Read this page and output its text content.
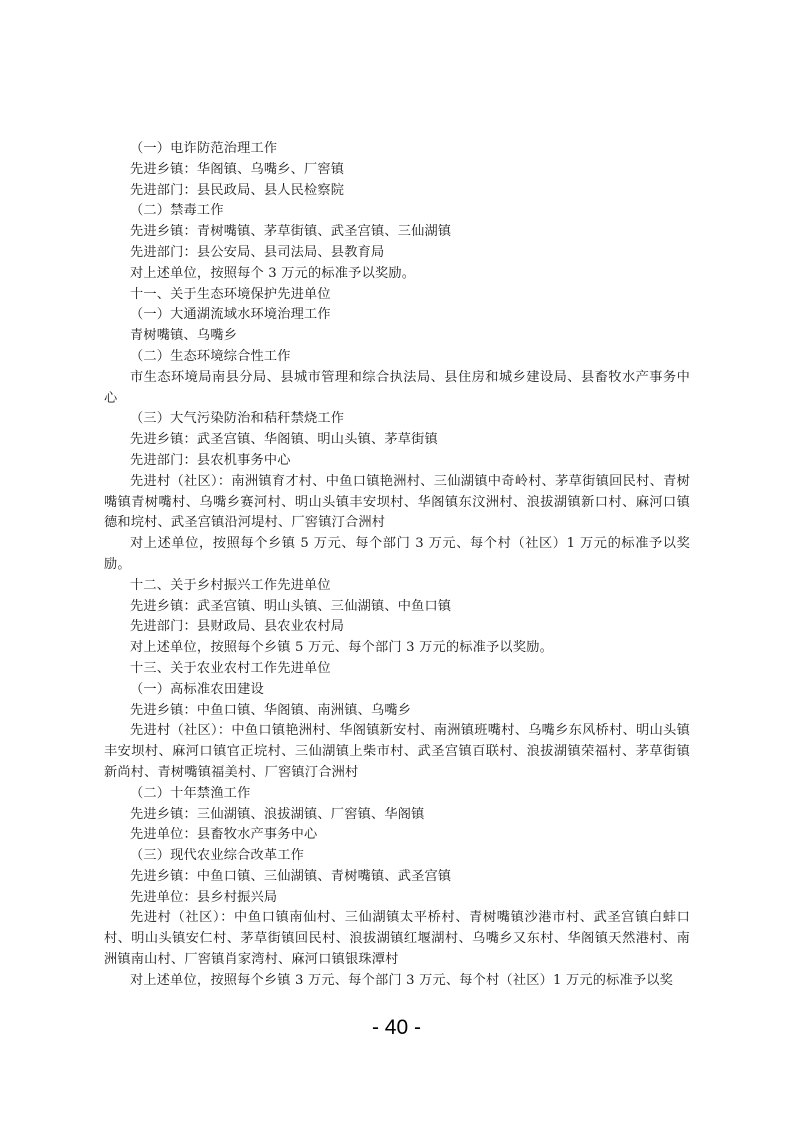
（一）电诈防范治理工作
先进乡镇：华阁镇、乌嘴乡、厂窖镇
先进部门：县民政局、县人民检察院
（二）禁毒工作
先进乡镇：青树嘴镇、茅草街镇、武圣宫镇、三仙湖镇
先进部门：县公安局、县司法局、县教育局
对上述单位，按照每个 3 万元的标准予以奖励。
十一、关于生态环境保护先进单位
（一）大通湖流域水环境治理工作
青树嘴镇、乌嘴乡
（二）生态环境综合性工作
市生态环境局南县分局、县城市管理和综合执法局、县住房和城乡建设局、县畜牧水产事务中心
（三）大气污染防治和秸秆禁烧工作
先进乡镇：武圣宫镇、华阁镇、明山头镇、茅草街镇
先进部门：县农机事务中心
先进村（社区）：南洲镇育才村、中鱼口镇艳洲村、三仙湖镇中奇岭村、茅草街镇回民村、青树嘴镇青树嘴村、乌嘴乡赛河村、明山头镇丰安坝村、华阁镇东汶洲村、浪拔湖镇新口村、麻河口镇德和垸村、武圣宫镇沿河堤村、厂窖镇汀合洲村
对上述单位，按照每个乡镇 5 万元、每个部门 3 万元、每个村（社区）1 万元的标准予以奖励。
十二、关于乡村振兴工作先进单位
先进乡镇：武圣宫镇、明山头镇、三仙湖镇、中鱼口镇
先进部门：县财政局、县农业农村局
对上述单位，按照每个乡镇 5 万元、每个部门 3 万元的标准予以奖励。
十三、关于农业农村工作先进单位
（一）高标准农田建设
先进乡镇：中鱼口镇、华阁镇、南洲镇、乌嘴乡
先进村（社区）：中鱼口镇艳洲村、华阁镇新安村、南洲镇班嘴村、乌嘴乡东风桥村、明山头镇丰安坝村、麻河口镇官正垸村、三仙湖镇上柴市村、武圣宫镇百联村、浪拔湖镇荣福村、茅草街镇新尚村、青树嘴镇福美村、厂窖镇汀合洲村
（二）十年禁渔工作
先进乡镇：三仙湖镇、浪拔湖镇、厂窖镇、华阁镇
先进单位：县畜牧水产事务中心
（三）现代农业综合改革工作
先进乡镇：中鱼口镇、三仙湖镇、青树嘴镇、武圣宫镇
先进单位：县乡村振兴局
先进村（社区）：中鱼口镇南仙村、三仙湖镇太平桥村、青树嘴镇沙港市村、武圣宫镇白蚌口村、明山头镇安仁村、茅草街镇回民村、浪拔湖镇红堰湖村、乌嘴乡又东村、华阁镇天然港村、南洲镇南山村、厂窖镇肖家湾村、麻河口镇银珠潭村
对上述单位，按照每个乡镇 3 万元、每个部门 3 万元、每个村（社区）1 万元的标准予以奖
- 40 -
